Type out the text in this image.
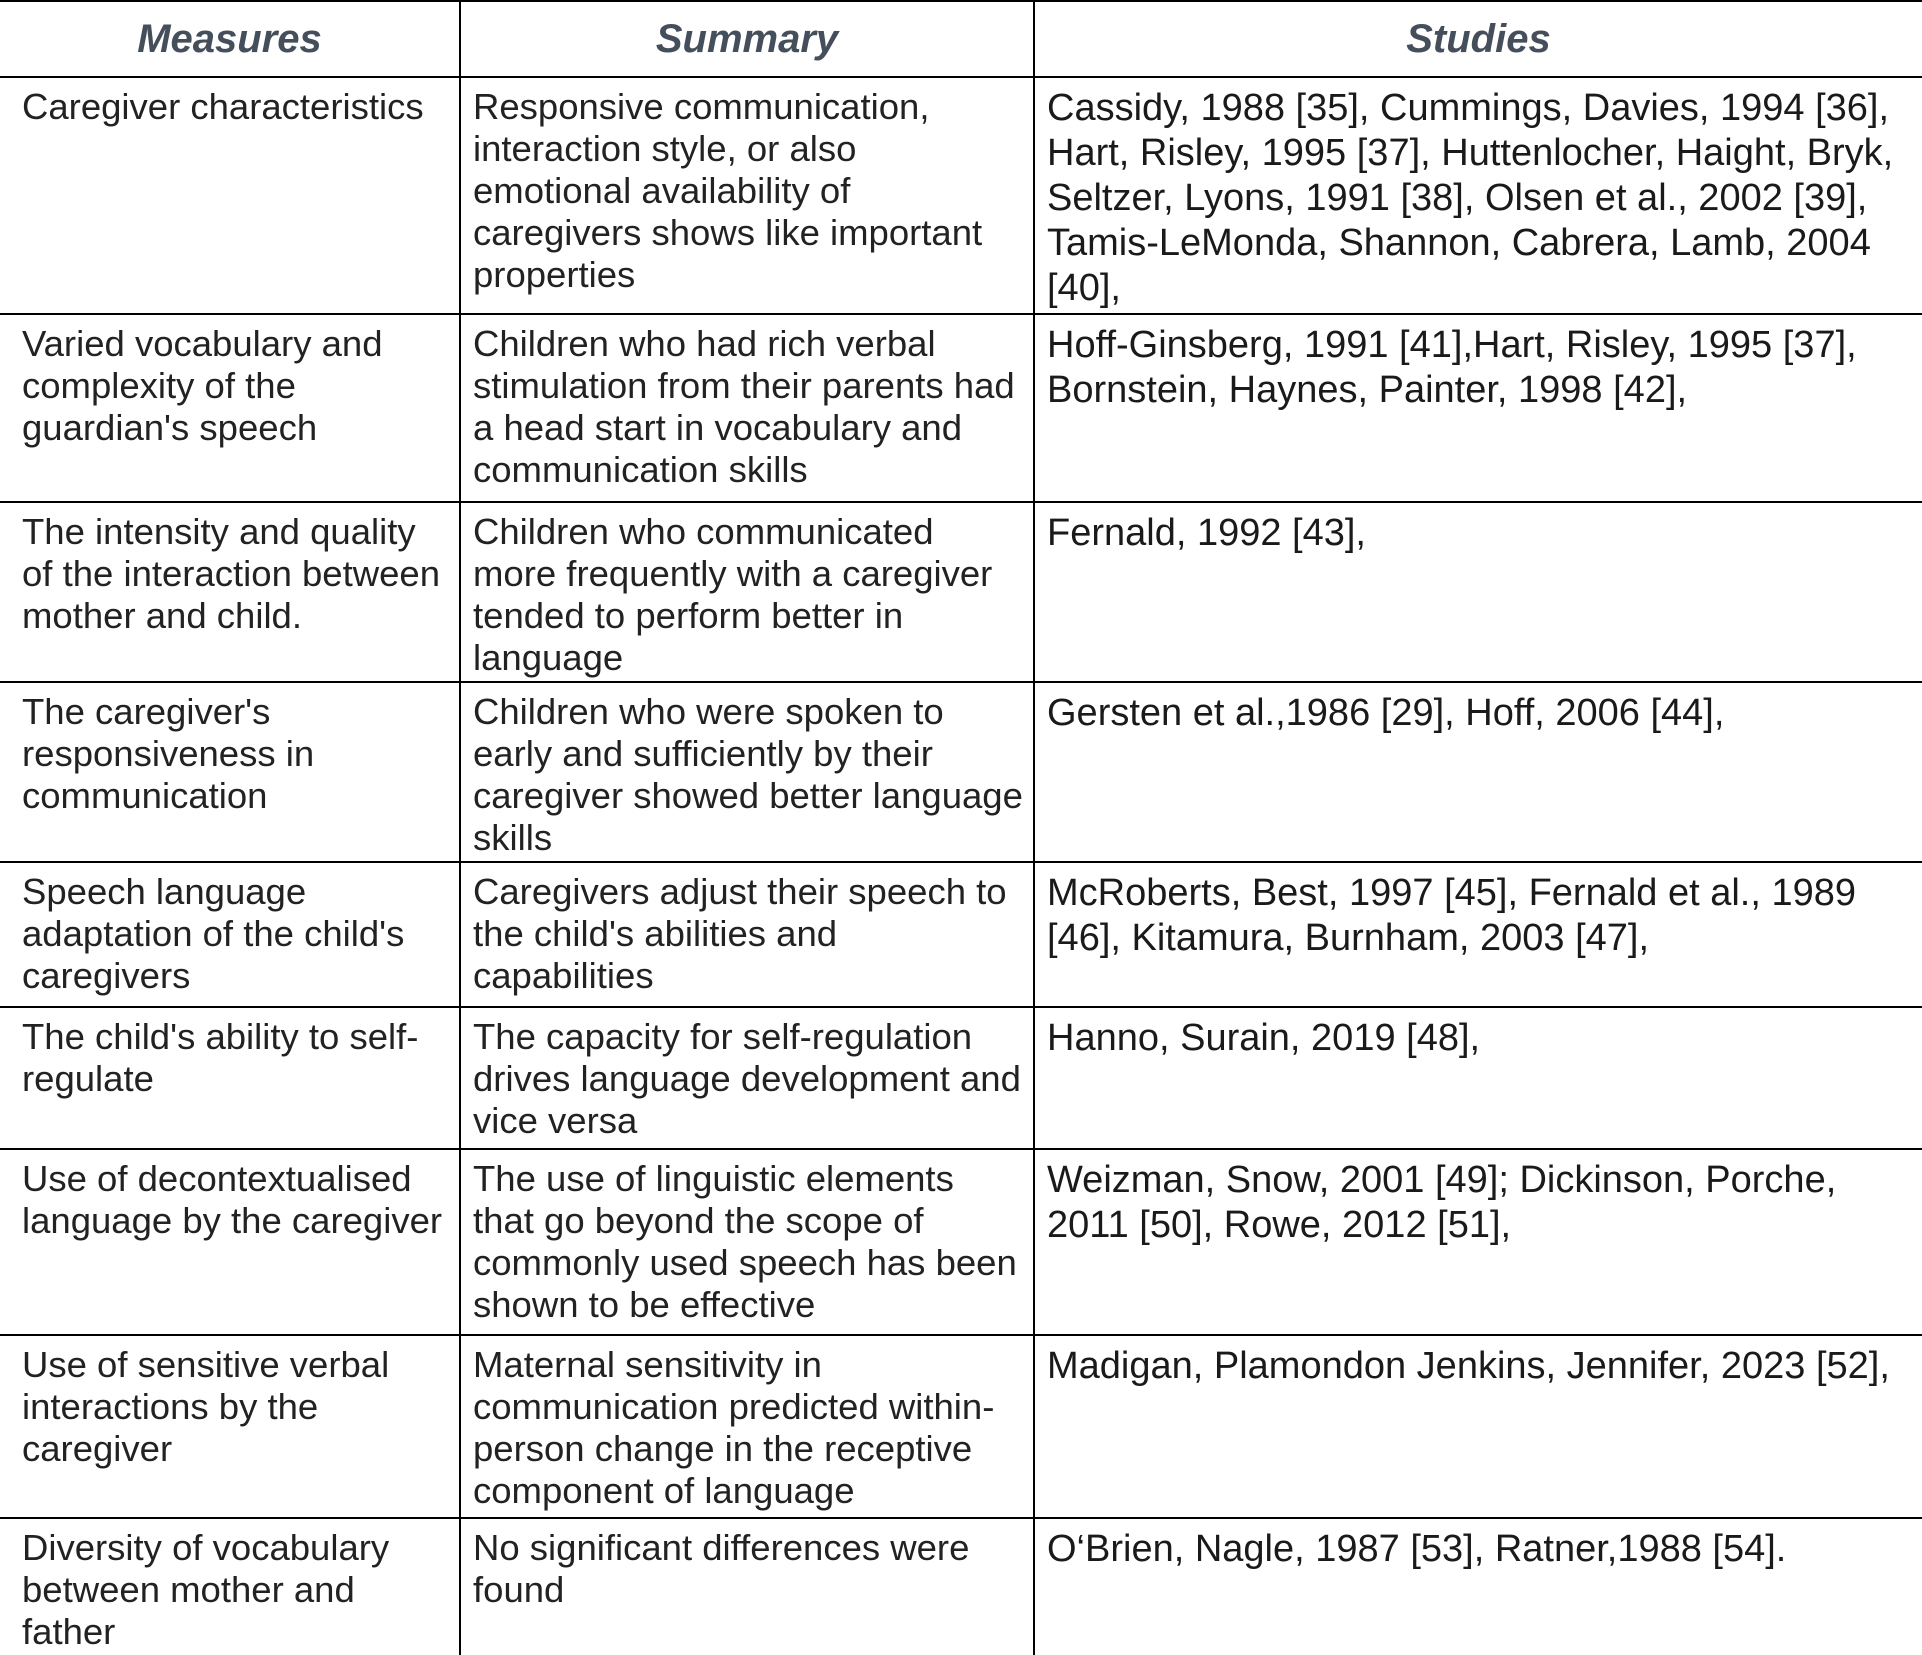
Measures	Summary	Studies
Caregiver characteristics	Responsive communication, interaction style, or also emotional availability of caregivers shows like important properties	Cassidy, 1988 [35], Cummings, Davies, 1994 [36], Hart, Risley, 1995 [37], Huttenlocher, Haight, Bryk, Seltzer, Lyons, 1991 [38], Olsen et al., 2002 [39], Tamis-LeMonda, Shannon, Cabrera, Lamb, 2004 [40],
Varied vocabulary and complexity of the guardian's speech	Children who had rich verbal stimulation from their parents had a head start in vocabulary and communication skills	Hoff-Ginsberg, 1991 [41],Hart, Risley, 1995 [37], Bornstein, Haynes, Painter, 1998 [42],
The intensity and quality of the interaction between mother and child.	Children who communicated more frequently with a caregiver tended to perform better in language	Fernald, 1992 [43],
The caregiver's responsiveness in communication	Children who were spoken to early and sufficiently by their caregiver showed better language skills	Gersten et al.,1986 [29], Hoff, 2006 [44],
Speech language adaptation of the child's caregivers	Caregivers adjust their speech to the child's abilities and capabilities	McRoberts, Best, 1997 [45], Fernald et al., 1989 [46], Kitamura, Burnham, 2003 [47],
The child's ability to self-regulate	The capacity for self-regulation drives language development and vice versa	Hanno, Surain, 2019 [48],
Use of decontextualised language by the caregiver	The use of linguistic elements that go beyond the scope of commonly used speech has been shown to be effective	Weizman, Snow, 2001 [49]; Dickinson, Porche, 2011 [50], Rowe, 2012 [51],
Use of sensitive verbal interactions by the caregiver	Maternal sensitivity in communication predicted within-person change in the receptive component of language	Madigan, Plamondon Jenkins, Jennifer, 2023 [52],
Diversity of vocabulary between mother and father	No significant differences were found	O‘Brien, Nagle, 1987 [53], Ratner,1988 [54].
